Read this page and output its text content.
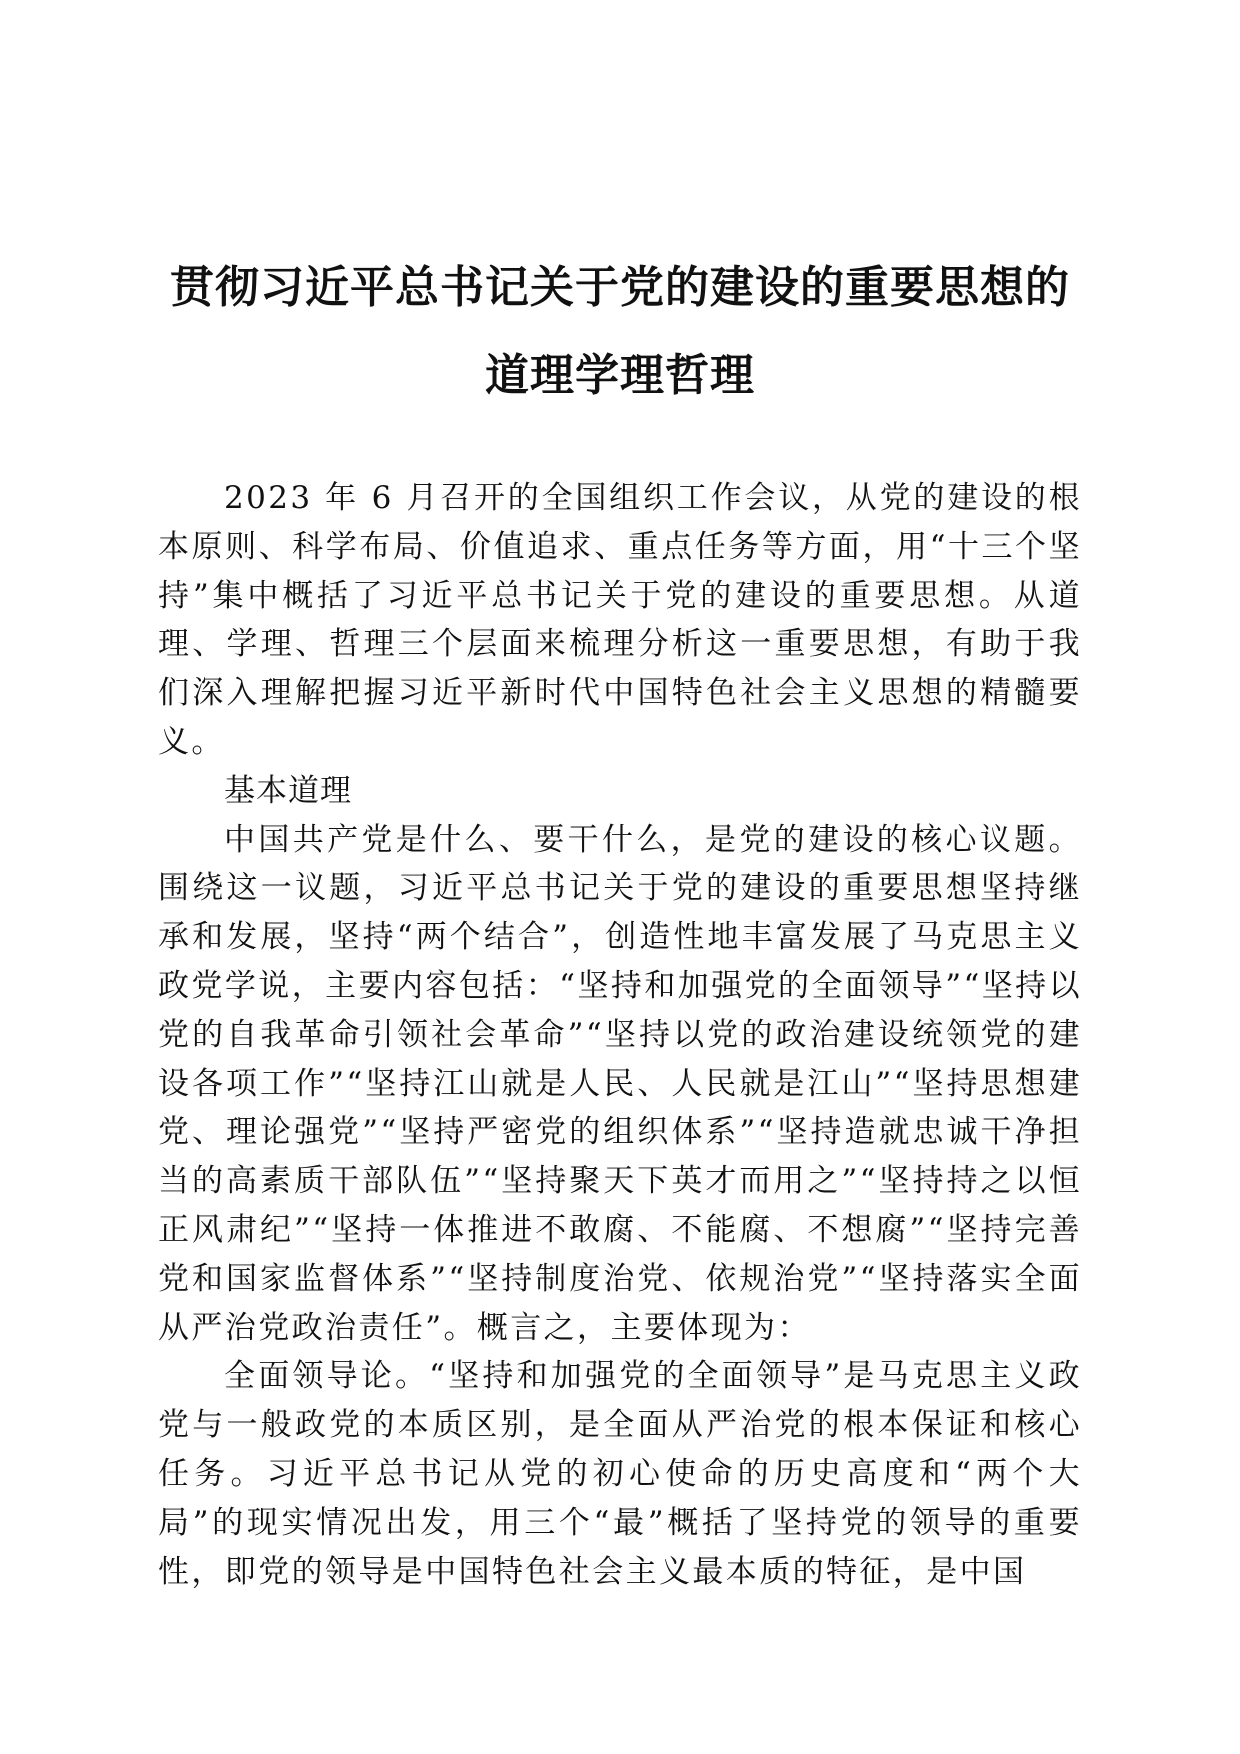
贯彻习近平总书记关于党的建设的重要思想的
道理学理哲理

2023 年 6 月召开的全国组织工作会议，从党的建设的根本原则、科学布局、价值追求、重点任务等方面，用“十三个坚持”集中概括了习近平总书记关于党的建设的重要思想。从道理、学理、哲理三个层面来梳理分析这一重要思想，有助于我们深入理解把握习近平新时代中国特色社会主义思想的精髓要义。

基本道理

中国共产党是什么、要干什么，是党的建设的核心议题。围绕这一议题，习近平总书记关于党的建设的重要思想坚持继承和发展，坚持“两个结合”，创造性地丰富发展了马克思主义政党学说，主要内容包括：“坚持和加强党的全面领导”“坚持以党的自我革命引领社会革命”“坚持以党的政治建设统领党的建设各项工作”“坚持江山就是人民、人民就是江山”“坚持思想建党、理论强党”“坚持严密党的组织体系”“坚持造就忠诚干净担当的高素质干部队伍”“坚持聚天下英才而用之”“坚持持之以恒正风肃纪”“坚持一体推进不敢腐、不能腐、不想腐”“坚持完善党和国家监督体系”“坚持制度治党、依规治党”“坚持落实全面从严治党政治责任”。概言之，主要体现为：

全面领导论。“坚持和加强党的全面领导”是马克思主义政党与一般政党的本质区别，是全面从严治党的根本保证和核心任务。习近平总书记从党的初心使命的历史高度和“两个大局”的现实情况出发，用三个“最”概括了坚持党的领导的重要性，即党的领导是中国特色社会主义最本质的特征，是中国
